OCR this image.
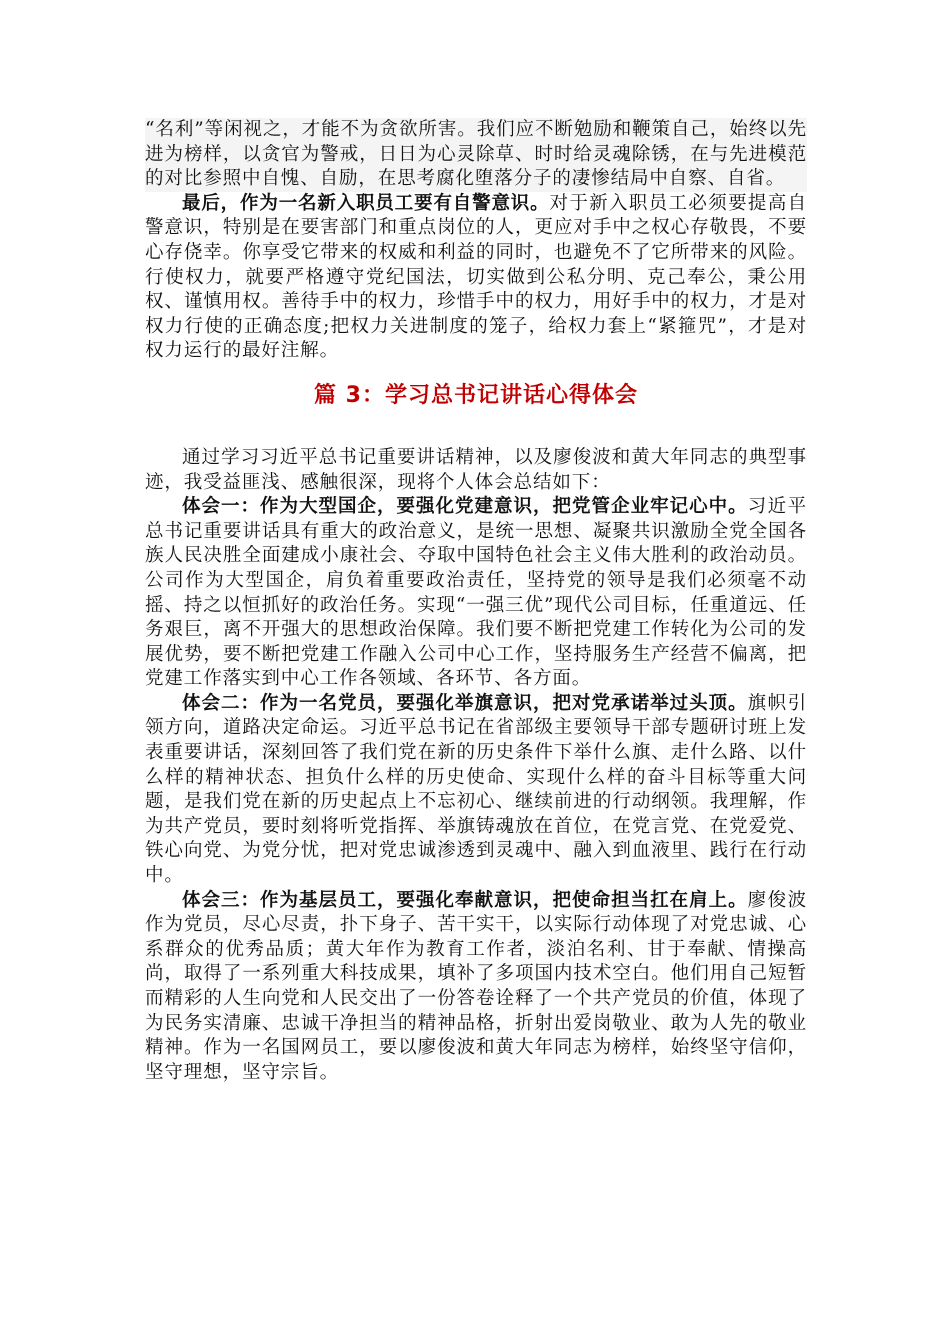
“名利”等闲视之，才能不为贪欲所害。我们应不断勉励和鞭策自己，始终以先进为榜样，以贪官为警戒，日日为心灵除草、时时给灵魂除锈，在与先进模范的对比参照中自愧、自励，在思考腐化堕落分子的凄惨结局中自察、自省。

最后，作为一名新入职员工要有自警意识。对于新入职员工必须要提高自警意识，特别是在要害部门和重点岗位的人，更应对手中之权心存敬畏，不要心存侥幸。你享受它带来的权威和利益的同时，也避免不了它所带来的风险。行使权力，就要严格遵守党纪国法，切实做到公私分明、克己奉公，秉公用权、谨慎用权。善待手中的权力，珍惜手中的权力，用好手中的权力，才是对权力行使的正确态度;把权力关进制度的笼子，给权力套上“紧箍咒”，才是对权力运行的最好注解。

篇 3：学习总书记讲话心得体会

通过学习习近平总书记重要讲话精神，以及廖俊波和黄大年同志的典型事迹，我受益匪浅、感触很深，现将个人体会总结如下：

体会一：作为大型国企，要强化党建意识，把党管企业牢记心中。习近平总书记重要讲话具有重大的政治意义，是统一思想、凝聚共识激励全党全国各族人民决胜全面建成小康社会、夺取中国特色社会主义伟大胜利的政治动员。公司作为大型国企，肩负着重要政治责任，坚持党的领导是我们必须毫不动摇、持之以恒抓好的政治任务。实现“一强三优”现代公司目标，任重道远、任务艰巨，离不开强大的思想政治保障。我们要不断把党建工作转化为公司的发展优势，要不断把党建工作融入公司中心工作，坚持服务生产经营不偏离，把党建工作落实到中心工作各领域、各环节、各方面。

体会二：作为一名党员，要强化举旗意识，把对党承诺举过头顶。旗帜引领方向，道路决定命运。习近平总书记在省部级主要领导干部专题研讨班上发表重要讲话，深刻回答了我们党在新的历史条件下举什么旗、走什么路、以什么样的精神状态、担负什么样的历史使命、实现什么样的奋斗目标等重大问题，是我们党在新的历史起点上不忘初心、继续前进的行动纲领。我理解，作为共产党员，要时刻将听党指挥、举旗铸魂放在首位，在党言党、在党爱党、铁心向党、为党分忧，把对党忠诚渗透到灵魂中、融入到血液里、践行在行动中。

体会三：作为基层员工，要强化奉献意识，把使命担当扛在肩上。廖俊波作为党员，尽心尽责，扑下身子、苦干实干，以实际行动体现了对党忠诚、心系群众的优秀品质；黄大年作为教育工作者，淡泊名利、甘于奉献、情操高尚，取得了一系列重大科技成果，填补了多项国内技术空白。他们用自己短暂而精彩的人生向党和人民交出了一份答卷诠释了一个共产党员的价值，体现了为民务实清廉、忠诚干净担当的精神品格，折射出爱岗敬业、敢为人先的敬业精神。作为一名国网员工，要以廖俊波和黄大年同志为榜样，始终坚守信仰，坚守理想，坚守宗旨。
